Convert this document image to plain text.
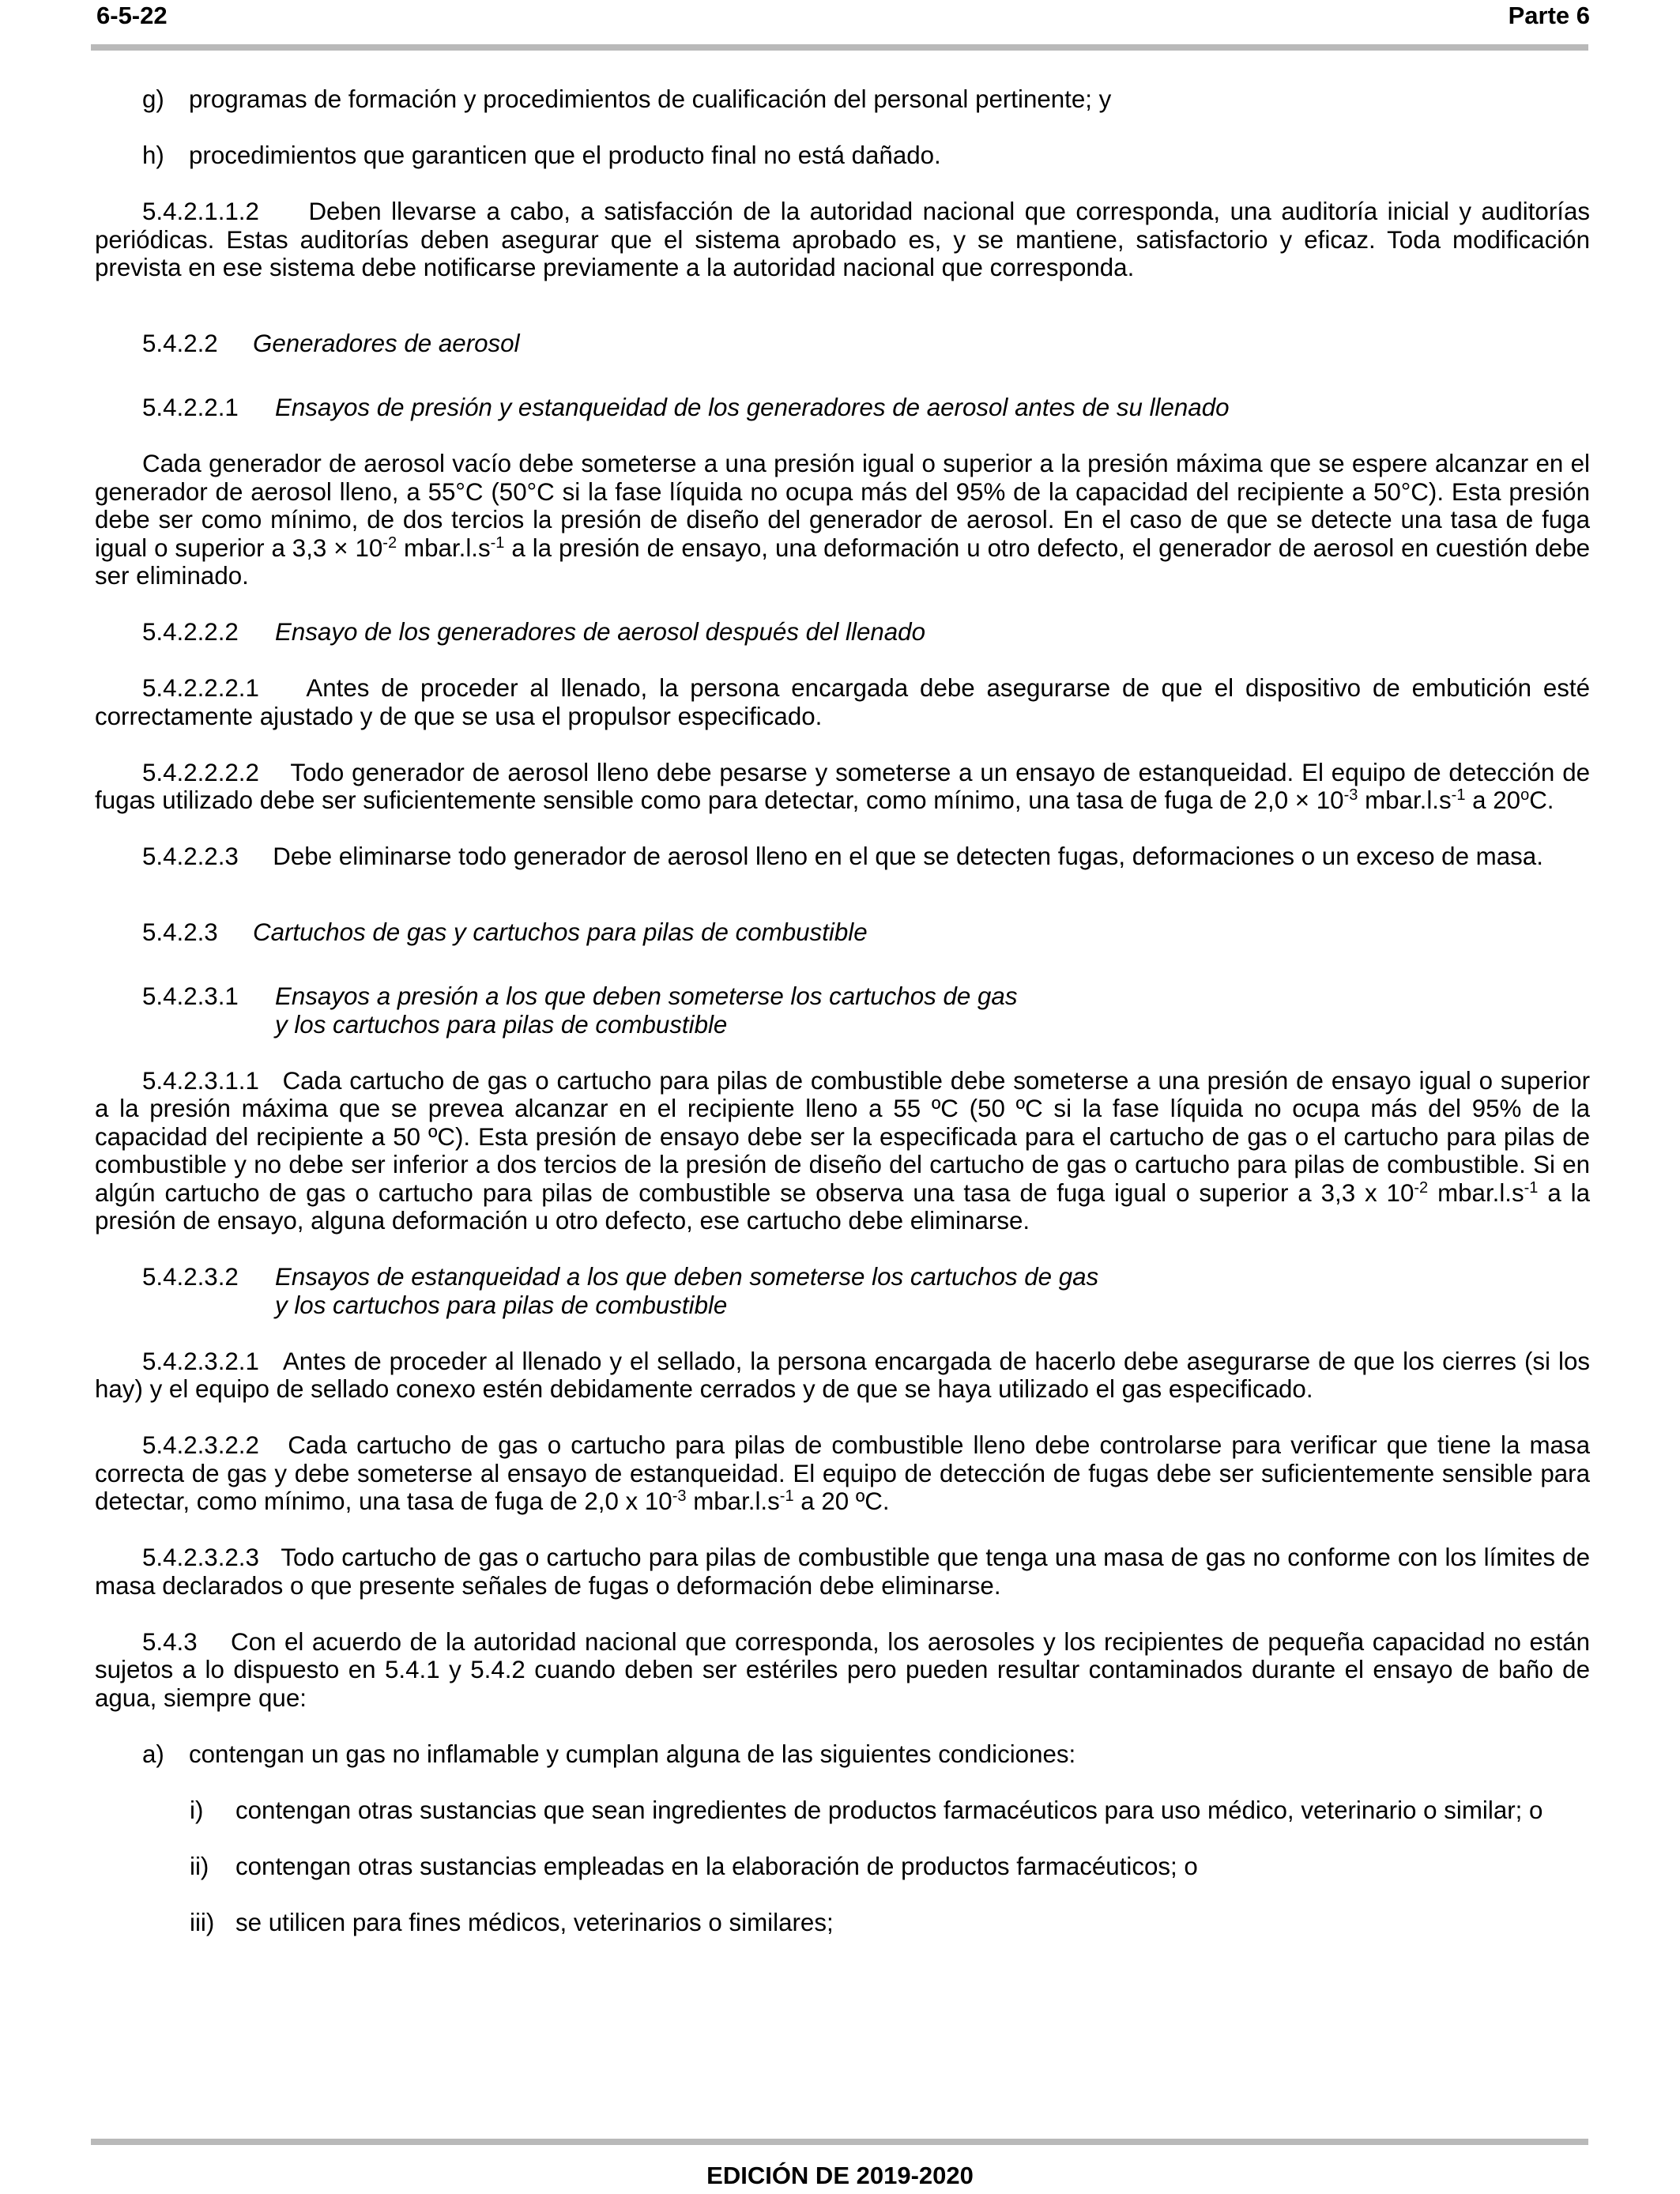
6-5-22	Parte 6
g) programas de formación y procedimientos de cualificación del personal pertinente; y
h) procedimientos que garanticen que el producto final no está dañado.

5.4.2.1.1.2 Deben llevarse a cabo, a satisfacción de la autoridad nacional que corresponda, una auditoría inicial y auditorías periódicas. Estas auditorías deben asegurar que el sistema aprobado es, y se mantiene, satisfactorio y eficaz. Toda modificación prevista en ese sistema debe notificarse previamente a la autoridad nacional que corresponda.

5.4.2.2 Generadores de aerosol
5.4.2.2.1 Ensayos de presión y estanqueidad de los generadores de aerosol antes de su llenado

Cada generador de aerosol vacío debe someterse a una presión igual o superior a la presión máxima que se espere alcanzar en el generador de aerosol lleno, a 55°C (50°C si la fase líquida no ocupa más del 95% de la capacidad del recipiente a 50°C). Esta presión debe ser como mínimo, de dos tercios la presión de diseño del generador de aerosol. En el caso de que se detecte una tasa de fuga igual o superior a $3,3 \times 10^{-2}$ $mbar.l.s^{-1}$ a la presión de ensayo, una deformación u otro defecto, el generador de aerosol en cuestión debe ser eliminado.

5.4.2.2.2 Ensayo de los generadores de aerosol después del llenado

5.4.2.2.2.1 Antes de proceder al llenado, la persona encargada debe asegurarse de que el dispositivo de embutición esté correctamente ajustado y de que se usa el propulsor especificado.

5.4.2.2.2.2 Todo generador de aerosol lleno debe pesarse y someterse a un ensayo de estanqueidad. El equipo de detección de fugas utilizado debe ser suficientemente sensible como para detectar, como mínimo, una tasa de fuga de $2,0 \times 10^{-3}$ $mbar.l.s^{-1}$ a 20$^o$C.

5.4.2.2.3 Debe eliminarse todo generador de aerosol lleno en el que se detecten fugas, deformaciones o un exceso de masa.

5.4.2.3 Cartuchos de gas y cartuchos para pilas de combustible
5.4.2.3.1	Ensayos a presión a los que deben someterse los cartuchos de gas
y los cartuchos para pilas de combustible

5.4.2.3.1.1 Cada cartucho de gas o cartucho para pilas de combustible debe someterse a una presión de ensayo igual o superior a la presión máxima que se prevea alcanzar en el recipiente lleno a 55 ºC (50 ºC si la fase líquida no ocupa más del 95% de la capacidad del recipiente a 50 ºC). Esta presión de ensayo debe ser la especificada para el cartucho de gas o el cartucho para pilas de combustible y no debe ser inferior a dos tercios de la presión de diseño del cartucho de gas o cartucho para pilas de combustible. Si en algún cartucho de gas o cartucho para pilas de combustible se observa una tasa de fuga igual o superior a 3,3 x $10^{-2}$ $mbar.l.s^{-1}$ a la presión de ensayo, alguna deformación u otro defecto, ese cartucho debe eliminarse.

5.4.2.3.2	Ensayos de estanqueidad a los que deben someterse los cartuchos de gas
y los cartuchos para pilas de combustible

5.4.2.3.2.1 Antes de proceder al llenado y el sellado, la persona encargada de hacerlo debe asegurarse de que los cierres (si los hay) y el equipo de sellado conexo estén debidamente cerrados y de que se haya utilizado el gas especificado.

5.4.2.3.2.2 Cada cartucho de gas o cartucho para pilas de combustible lleno debe controlarse para verificar que tiene la masa correcta de gas y debe someterse al ensayo de estanqueidad. El equipo de detección de fugas debe ser suficientemente sensible para detectar, como mínimo, una tasa de fuga de 2,0 x $10^{-3}$ $mbar.l.s^{-1}$ a 20 ºC.

5.4.2.3.2.3 Todo cartucho de gas o cartucho para pilas de combustible que tenga una masa de gas no conforme con los límites de masa declarados o que presente señales de fugas o deformación debe eliminarse.

5.4.3 Con el acuerdo de la autoridad nacional que corresponda, los aerosoles y los recipientes de pequeña capacidad no están sujetos a lo dispuesto en 5.4.1 y 5.4.2 cuando deben ser estériles pero pueden resultar contaminados durante el ensayo de baño de agua, siempre que:

a) contengan un gas no inflamable y cumplan alguna de las siguientes condiciones:
i)	contengan otras sustancias que sean ingredientes de productos farmacéuticos para uso médico, veterinario o similar; o
ii)	contengan otras sustancias empleadas en la elaboración de productos farmacéuticos; o
iii) se utilicen para fines médicos, veterinarios o similares;
EDICIÓN DE 2019-2020
